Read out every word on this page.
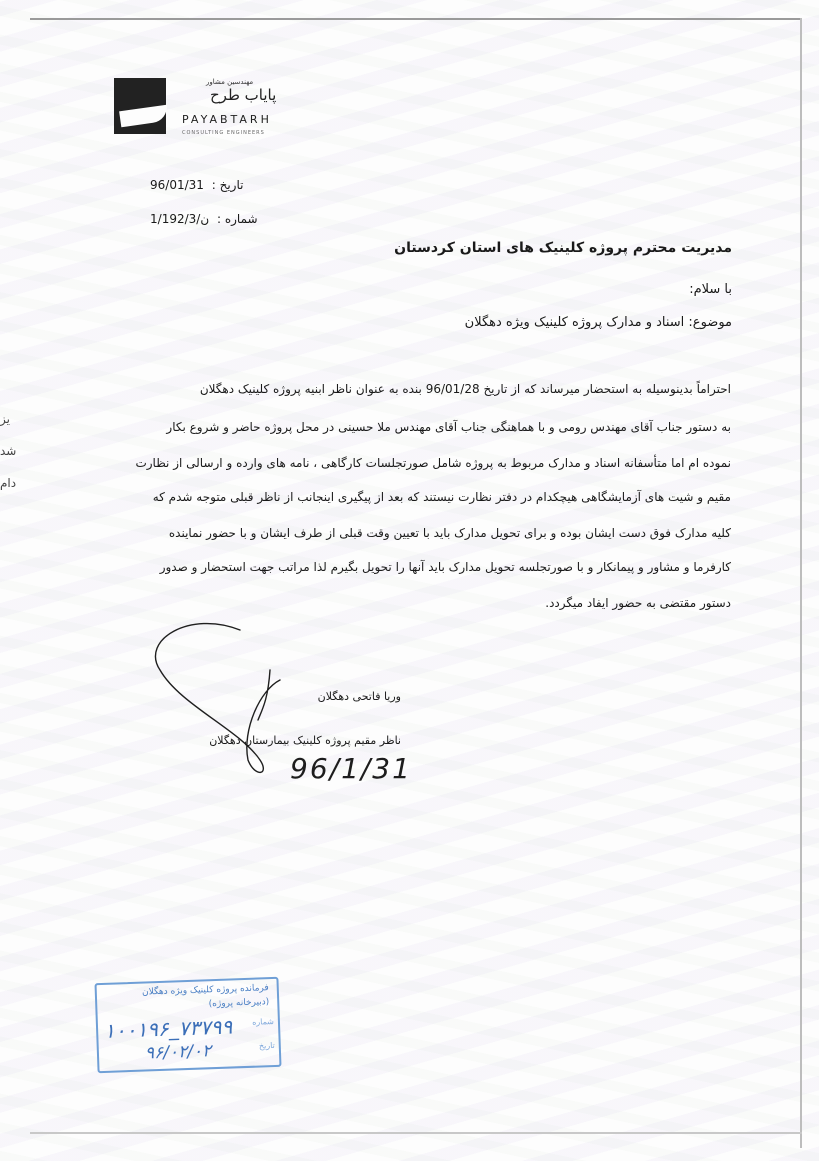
یز
شد
دام
مهندسین مشاور
پایاب طرح
PAYABTARH
CONSULTING ENGINEERS
تاریخ : 96/01/31
شماره : 1/ن/192/3
مدیریت محترم پروژه کلینیک های استان کردستان
با سلام:
موضوع: اسناد و مدارک پروژه کلینیک ویژه دهگلان
احتراماً بدینوسیله به استحضار میرساند که از تاریخ 96/01/28 بنده به عنوان ناظر ابنیه پروژه کلینیک دهگلان
به دستور جناب آقای مهندس رومی و با هماهنگی جناب آقای مهندس ملا حسینی در محل پروژه حاضر و شروع بکار
نموده ام اما متأسفانه اسناد و مدارک مربوط به پروژه شامل صورتجلسات کارگاهی ، نامه های وارده و ارسالی از نظارت
مقیم و شیت های آزمایشگاهی هیچکدام در دفتر نظارت نیستند که بعد از پیگیری اینجانب از ناظر قبلی متوجه شدم که
کلیه مدارک فوق دست ایشان بوده و برای تحویل مدارک باید با تعیین وقت قبلی از طرف ایشان و با حضور نماینده
کارفرما و مشاور و پیمانکار و با صورتجلسه تحویل مدارک باید آنها را تحویل بگیرم لذا مراتب جهت استحضار و صدور
دستور مقتضی به حضور ایفاد میگردد.
وریا فاتحی دهگلان
ناظر مقیم پروژه کلینیک بیمارستان دهگلان
96/1/31
فرمانده پروژه کلینیک ویژه دهگلان
(دبیرخانه پروژه)
شماره
تاریخ
۱۰۰۱۹۶_۷۳۷۹۹
۹۶/۰۲/۰۲
